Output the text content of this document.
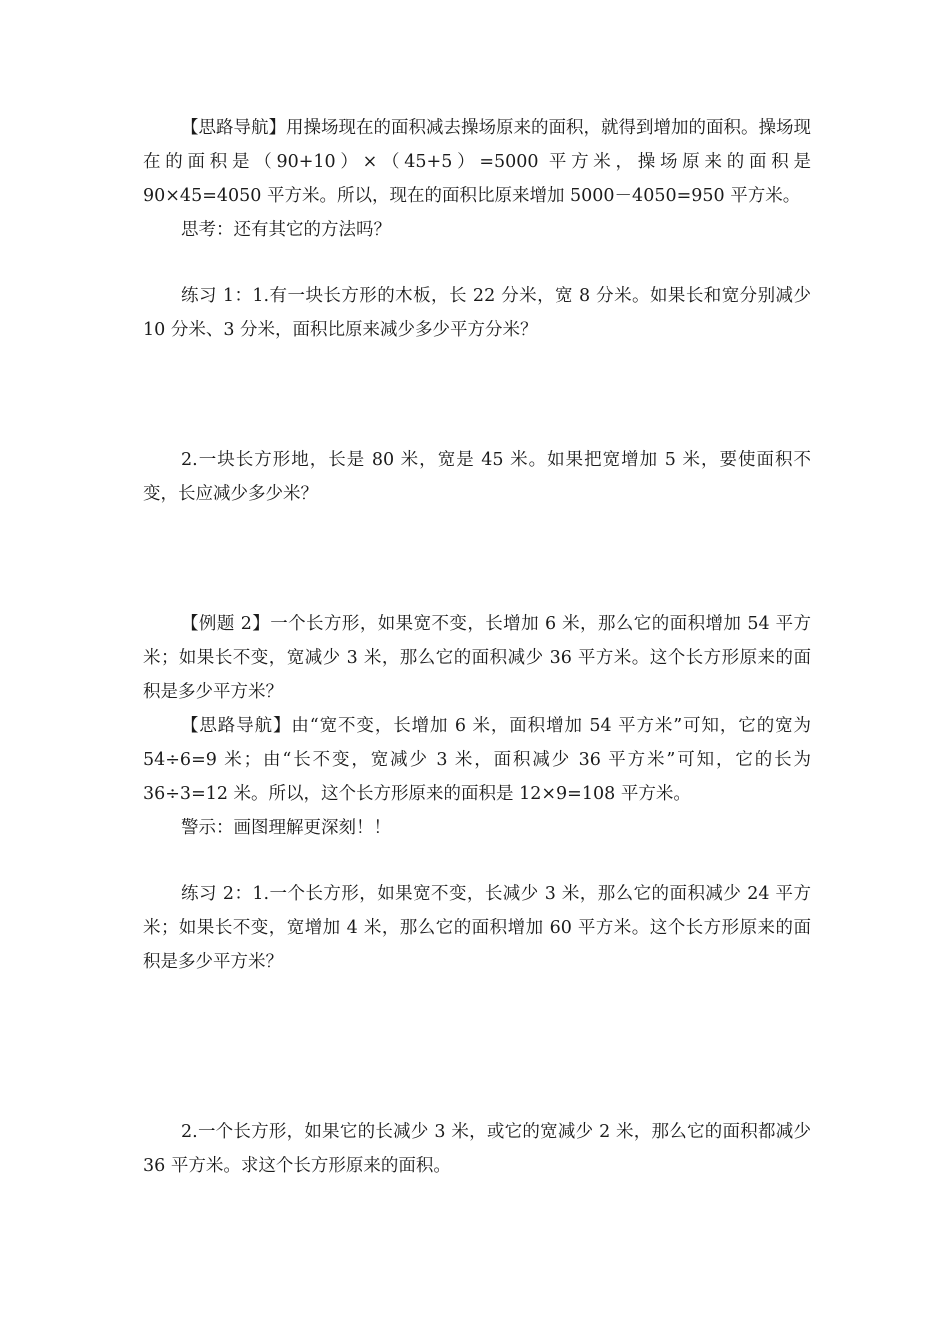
【思路导航】用操场现在的面积减去操场原来的面积，就得到增加的面积。操场现在的面积是（90+10）×（45+5）=5000 平方米，操场原来的面积是 90×45=4050 平方米。所以，现在的面积比原来增加 5000－4050=950 平方米。

思考：还有其它的方法吗？

练习 1：1.有一块长方形的木板，长 22 分米，宽 8 分米。如果长和宽分别减少 10 分米、3 分米，面积比原来减少多少平方分米？

2.一块长方形地，长是 80 米，宽是 45 米。如果把宽增加 5 米，要使面积不变，长应减少多少米？

【例题 2】一个长方形，如果宽不变，长增加 6 米，那么它的面积增加 54 平方米；如果长不变，宽减少 3 米，那么它的面积减少 36 平方米。这个长方形原来的面积是多少平方米？

【思路导航】由“宽不变，长增加 6 米，面积增加 54 平方米”可知，它的宽为 54÷6=9 米；由“长不变，宽减少 3 米，面积减少 36 平方米”可知，它的长为 36÷3=12 米。所以，这个长方形原来的面积是 12×9=108 平方米。

警示：画图理解更深刻！！

练习 2：1.一个长方形，如果宽不变，长减少 3 米，那么它的面积减少 24 平方米；如果长不变，宽增加 4 米，那么它的面积增加 60 平方米。这个长方形原来的面积是多少平方米？

2.一个长方形，如果它的长减少 3 米，或它的宽减少 2 米，那么它的面积都减少 36 平方米。求这个长方形原来的面积。
